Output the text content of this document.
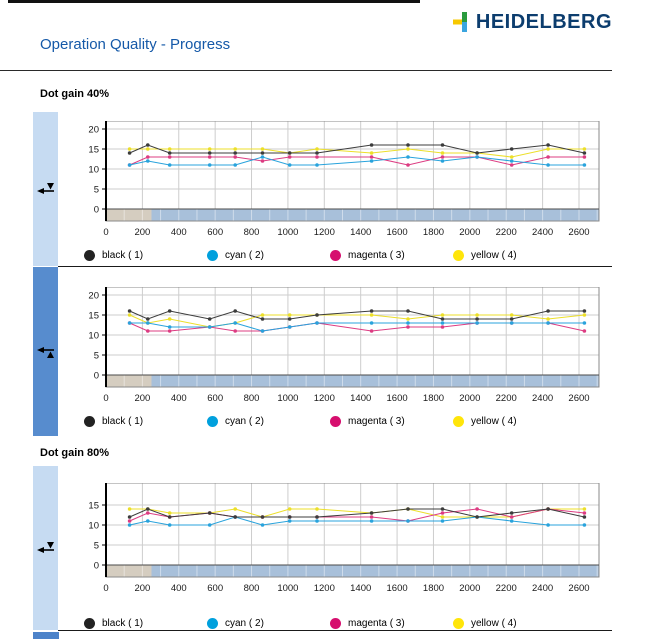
Operation Quality - Progress
HEIDELBERG
Dot gain 40%
0
5
10
15
20
0	200 400 600 800 1000 1200 1400 1600 1800 2000 2200 2400 2600
black ( 1)	cyan ( 2)	magenta ( 3)	yellow ( 4)
0
5
10
15
20
0	200 400 600 800 1000 1200 1400 1600 1800 2000 2200 2400 2600
black ( 1)	cyan ( 2)	magenta ( 3)	yellow ( 4)
Dot gain 80%
0
5
10
15
0	200 400 600 800 1000 1200 1400 1600 1800 2000 2200 2400 2600
black ( 1)	cyan ( 2)	magenta ( 3)	yellow ( 4)
